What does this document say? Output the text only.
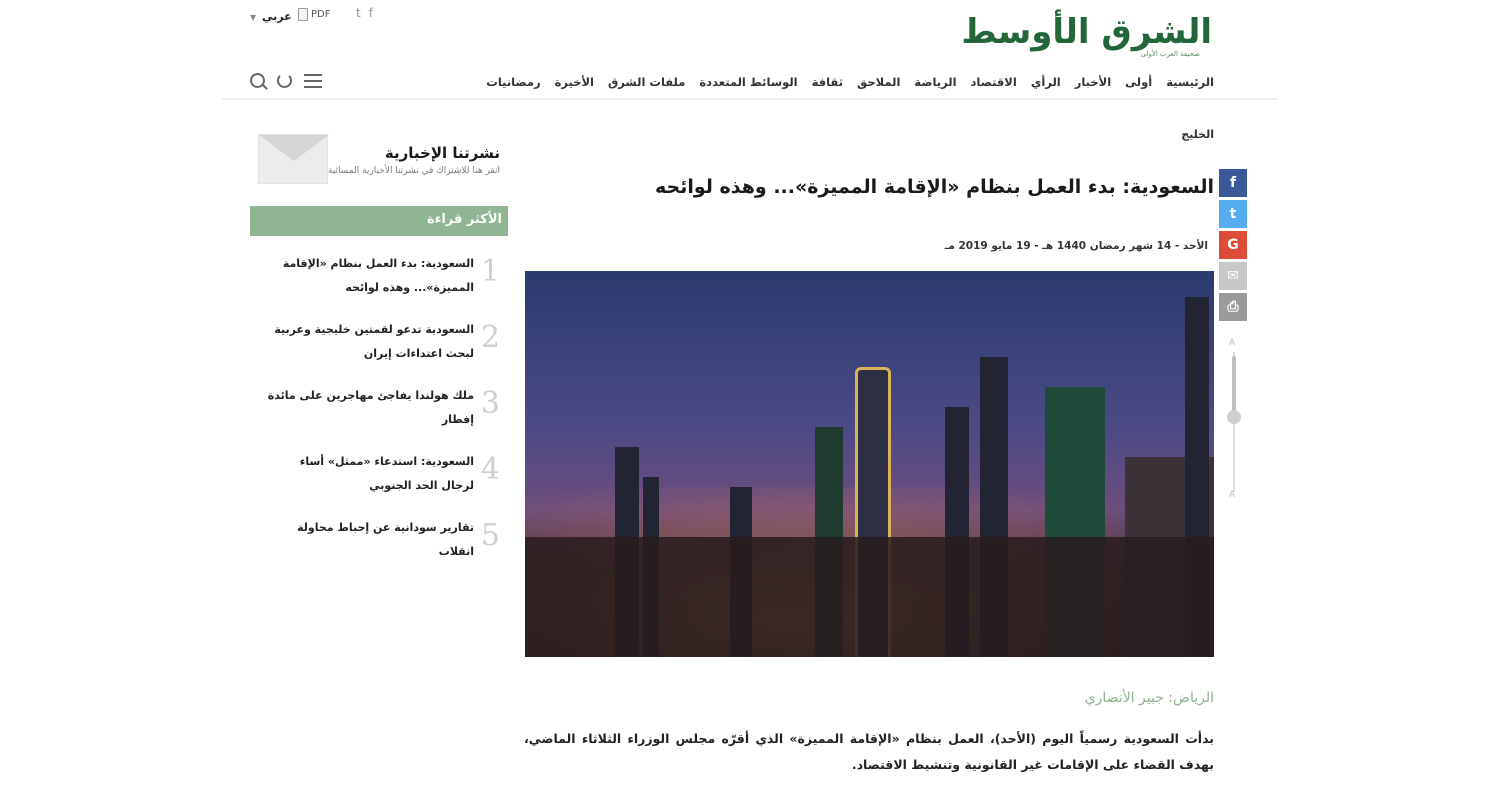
الشرق الأوسط
صحيفة العرب الأولى
▼ عربي PDF t f
الرئيسية
أولى
الأخبار
الرأي
الاقتصاد
الرياضة
الملاحق
ثقافة
الوسائط المتعددة
ملفات الشرق
الأخيرة
رمضانيات
الخليج
السعودية: بدء العمل بنظام «الإقامة المميزة»... وهذه لوائحه
الأحد - 14 شهر رمضان 1440 هـ - 19 مايو 2019 مـ
f
t
G
✉
⎙
A
A
الرياض: جبير الأنصاري

بدأت السعودية رسمياً اليوم (الأحد)، العمل بنظام «الإقامة المميزة» الذي أقرّه مجلس الوزراء الثلاثاء الماضي، بهدف القضاء على الإقامات غير القانونية وتنشيط الاقتصاد.

نشرتنا الإخبارية
انقر هنا للاشتراك في نشرتنا الأخبارية المسائية
الأكثر قراءة
1
السعودية: بدء العمل بنظام «الإقامة المميزة»... وهذه لوائحه
2
السعودية تدعو لقمتين خليجية وعربية لبحث اعتداءات إيران
3
ملك هولندا يفاجئ مهاجرين على مائدة إفطار
4
السعودية: استدعاء «ممثل» أساء لرجال الحد الجنوبي
5
تقارير سودانية عن إحباط محاولة انقلاب
